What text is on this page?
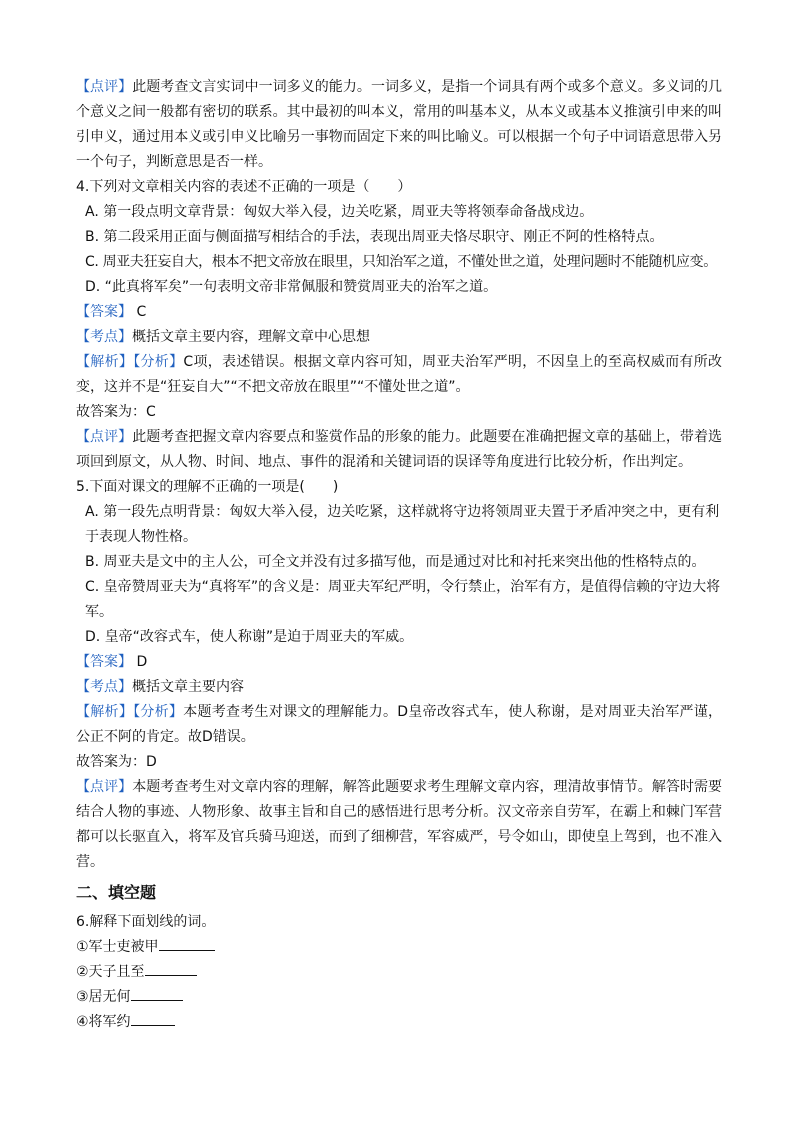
【点评】此题考查文言实词中一词多义的能力。一词多义，是指一个词具有两个或多个意义。多义词的几个意义之间一般都有密切的联系。其中最初的叫本义，常用的叫基本义，从本义或基本义推演引申来的叫引申义，通过用本义或引申义比喻另一事物而固定下来的叫比喻义。可以根据一个句子中词语意思带入另一个句子，判断意思是否一样。

4.下列对文章相关内容的表述不正确的一项是（　　）

A. 第一段点明文章背景：匈奴大举入侵，边关吃紧，周亚夫等将领奉命备战戍边。

B. 第二段采用正面与侧面描写相结合的手法，表现出周亚夫恪尽职守、刚正不阿的性格特点。

C. 周亚夫狂妄自大，根本不把文帝放在眼里，只知治军之道，不懂处世之道，处理问题时不能随机应变。

D. “此真将军矣”一句表明文帝非常佩服和赞赏周亚夫的治军之道。

【答案】 C

【考点】概括文章主要内容，理解文章中心思想

【解析】【分析】C项，表述错误。根据文章内容可知，周亚夫治军严明，不因皇上的至高权威而有所改变，这并不是“狂妄自大”“不把文帝放在眼里”“不懂处世之道”。

故答案为：C

【点评】此题考查把握文章内容要点和鉴赏作品的形象的能力。此题要在准确把握文章的基础上，带着选项回到原文，从人物、时间、地点、事件的混淆和关键词语的误译等角度进行比较分析，作出判定。

5.下面对课文的理解不正确的一项是(　　)

A. 第一段先点明背景：匈奴大举入侵，边关吃紧，这样就将守边将领周亚夫置于矛盾冲突之中，更有利于表现人物性格。

B. 周亚夫是文中的主人公，可全文并没有过多描写他，而是通过对比和衬托来突出他的性格特点的。

C. 皇帝赞周亚夫为“真将军”的含义是：周亚夫军纪严明，令行禁止，治军有方，是值得信赖的守边大将军。

D. 皇帝“改容式车，使人称谢”是迫于周亚夫的军威。

【答案】 D

【考点】概括文章主要内容

【解析】【分析】本题考查考生对课文的理解能力。D皇帝改容式车，使人称谢，是对周亚夫治军严谨，公正不阿的肯定。故D错误。

故答案为：D

【点评】本题考查考生对文章内容的理解，解答此题要求考生理解文章内容，理清故事情节。解答时需要结合人物的事迹、人物形象、故事主旨和自己的感悟进行思考分析。汉文帝亲自劳军，在霸上和棘门军营都可以长驱直入，将军及官兵骑马迎送，而到了细柳营，军容威严，号令如山，即使皇上驾到，也不准入营。

二、填空题

6.解释下面划线的词。

①军士吏被甲

②天子且至

③居无何

④将军约
